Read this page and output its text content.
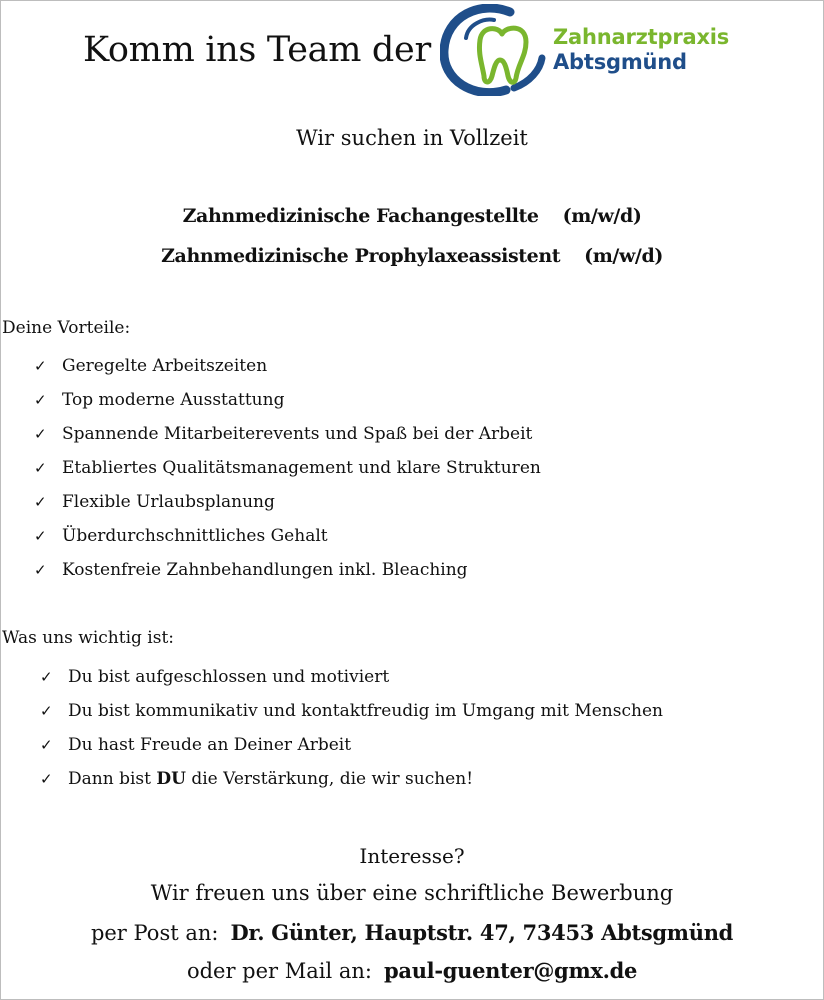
Komm ins Team der	Zahnarztpraxis
Abtsgmünd
Wir suchen in Vollzeit
Zahnmedizinische Fachangestellte (m/w/d)
Zahnmedizinische Prophylaxeassistent (m/w/d)
Deine Vorteile:
✓ Geregelte Arbeitszeiten
✓ Top moderne Ausstattung
✓ Spannende Mitarbeiterevents und Spaß bei der Arbeit
✓ Etabliertes Qualitätsmanagement und klare Strukturen
✓ Flexible Urlaubsplanung
✓ Überdurchschnittliches Gehalt
✓ Kostenfreie Zahnbehandlungen inkl. Bleaching
Was uns wichtig ist:
✓ Du bist aufgeschlossen und motiviert
✓ Du bist kommunikativ und kontaktfreudig im Umgang mit Menschen
✓ Du hast Freude an Deiner Arbeit
✓ Dann bist DU die Verstärkung, die wir suchen!
Interesse?
Wir freuen uns über eine schriftliche Bewerbung
per Post an: Dr. Günter, Hauptstr. 47, 73453 Abtsgmünd
oder per Mail an: paul-guenter@gmx.de
